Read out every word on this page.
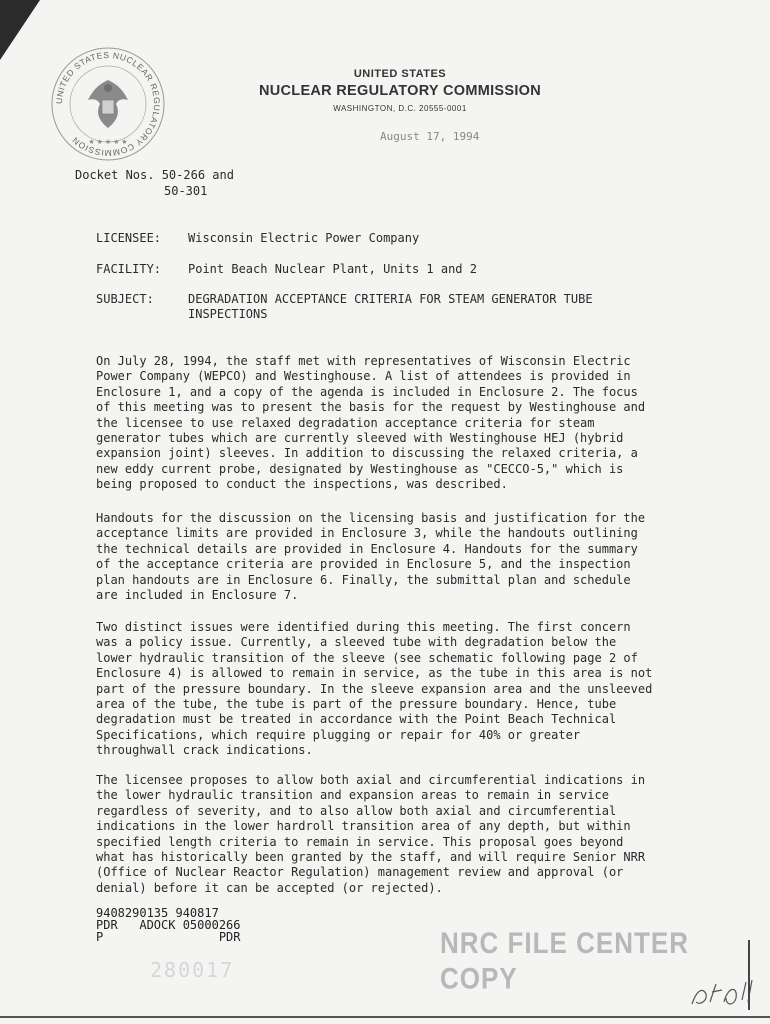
UNITED STATES NUCLEAR REGULATORY COMMISSION ★ ★ ★ ★ ★
UNITED STATES
NUCLEAR REGULATORY COMMISSION
WASHINGTON, D.C. 20555-0001
August 17, 1994
Docket Nos. 50-266 and
50-301
LICENSEE: Wisconsin Electric Power Company
FACILITY: Point Beach Nuclear Plant, Units 1 and 2
SUBJECT:	DEGRADATION ACCEPTANCE CRITERIA FOR STEAM GENERATOR TUBE
INSPECTIONS
On July 28, 1994, the staff met with representatives of Wisconsin Electric
Power Company (WEPCO) and Westinghouse. A list of attendees is provided in
Enclosure 1, and a copy of the agenda is included in Enclosure 2. The focus
of this meeting was to present the basis for the request by Westinghouse and
the licensee to use relaxed degradation acceptance criteria for steam
generator tubes which are currently sleeved with Westinghouse HEJ (hybrid
expansion joint) sleeves. In addition to discussing the relaxed criteria, a
new eddy current probe, designated by Westinghouse as "CECCO-5," which is
being proposed to conduct the inspections, was described.
Handouts for the discussion on the licensing basis and justification for the
acceptance limits are provided in Enclosure 3, while the handouts outlining
the technical details are provided in Enclosure 4. Handouts for the summary
of the acceptance criteria are provided in Enclosure 5, and the inspection
plan handouts are in Enclosure 6. Finally, the submittal plan and schedule
are included in Enclosure 7.
Two distinct issues were identified during this meeting. The first concern
was a policy issue. Currently, a sleeved tube with degradation below the
lower hydraulic transition of the sleeve (see schematic following page 2 of
Enclosure 4) is allowed to remain in service, as the tube in this area is not
part of the pressure boundary. In the sleeve expansion area and the unsleeved
area of the tube, the tube is part of the pressure boundary. Hence, tube
degradation must be treated in accordance with the Point Beach Technical
Specifications, which require plugging or repair for 40% or greater
throughwall crack indications.
The licensee proposes to allow both axial and circumferential indications in
the lower hydraulic transition and expansion areas to remain in service
regardless of severity, and to also allow both axial and circumferential
indications in the lower hardroll transition area of any depth, but within
specified length criteria to remain in service. This proposal goes beyond
what has historically been granted by the staff, and will require Senior NRR
(Office of Nuclear Reactor Regulation) management review and approval (or
denial) before it can be accepted (or rejected).
9408290135 940817
PDR   ADOCK 05000266
P                PDR	NRC FILE CENTER COPY
280017
